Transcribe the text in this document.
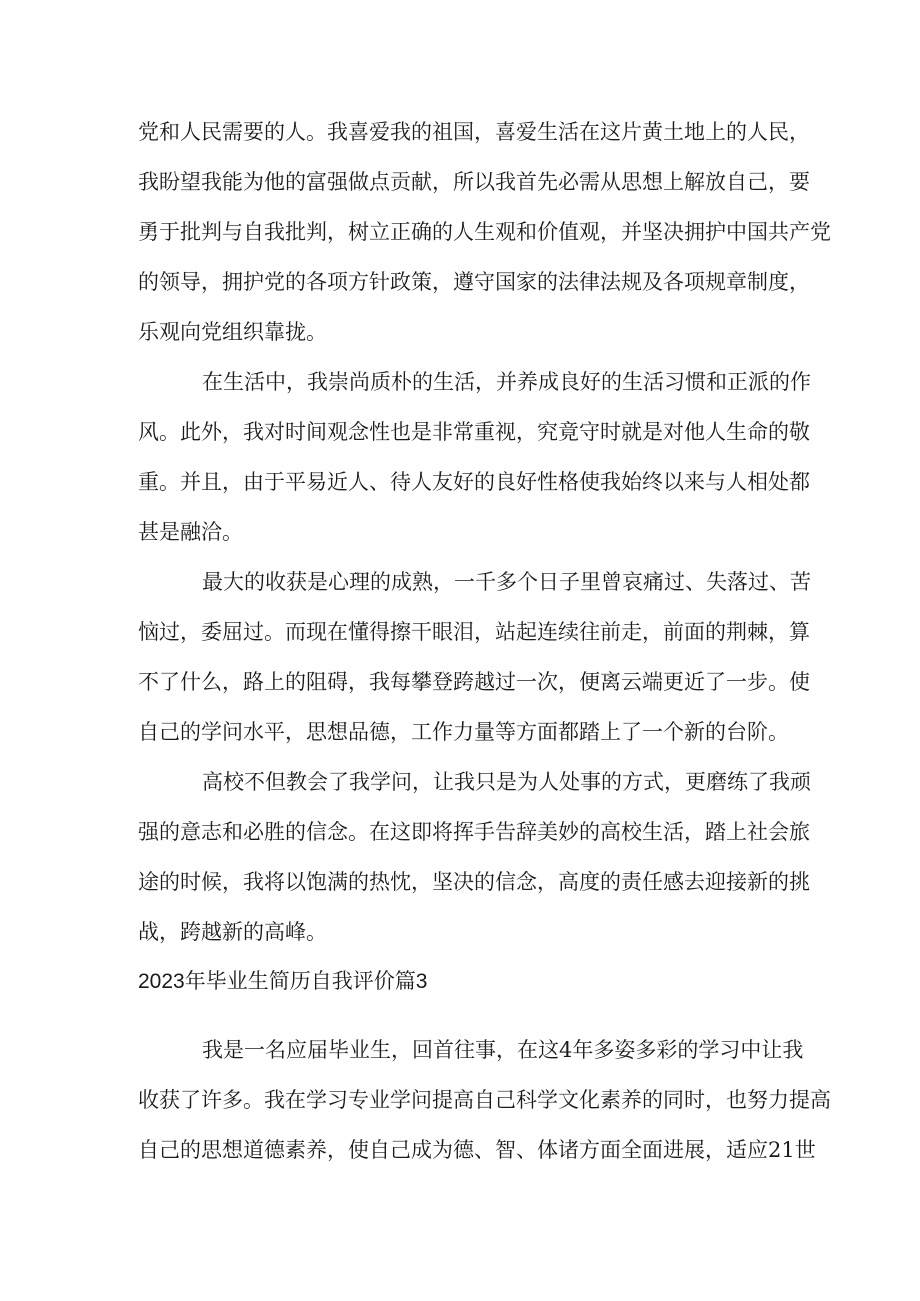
党和人民需要的人。我喜爱我的祖国，喜爱生活在这片黄土地上的人民，
我盼望我能为他的富强做点贡献，所以我首先必需从思想上解放自己，要
勇于批判与自我批判，树立正确的人生观和价值观，并坚决拥护中国共产党
的领导，拥护党的各项方针政策，遵守国家的法律法规及各项规章制度，
乐观向党组织靠拢。
在生活中，我崇尚质朴的生活，并养成良好的生活习惯和正派的作
风。此外，我对时间观念性也是非常重视，究竟守时就是对他人生命的敬
重。并且，由于平易近人、待人友好的良好性格使我始终以来与人相处都
甚是融洽。
最大的收获是心理的成熟，一千多个日子里曾哀痛过、失落过、苦
恼过，委屈过。而现在懂得擦干眼泪，站起连续往前走，前面的荆棘，算
不了什么，路上的阻碍，我每攀登跨越过一次，便离云端更近了一步。使
自己的学问水平，思想品德，工作力量等方面都踏上了一个新的台阶。
高校不但教会了我学问，让我只是为人处事的方式，更磨练了我顽
强的意志和必胜的信念。在这即将挥手告辞美妙的高校生活，踏上社会旅
途的时候，我将以饱满的热忱，坚决的信念，高度的责任感去迎接新的挑
战，跨越新的高峰。
2023年毕业生简历自我评价篇3
我是一名应届毕业生，回首往事，在这4年多姿多彩的学习中让我
收获了许多。我在学习专业学问提高自己科学文化素养的同时，也努力提高
自己的思想道德素养，使自己成为德、智、体诸方面全面进展，适应21世
